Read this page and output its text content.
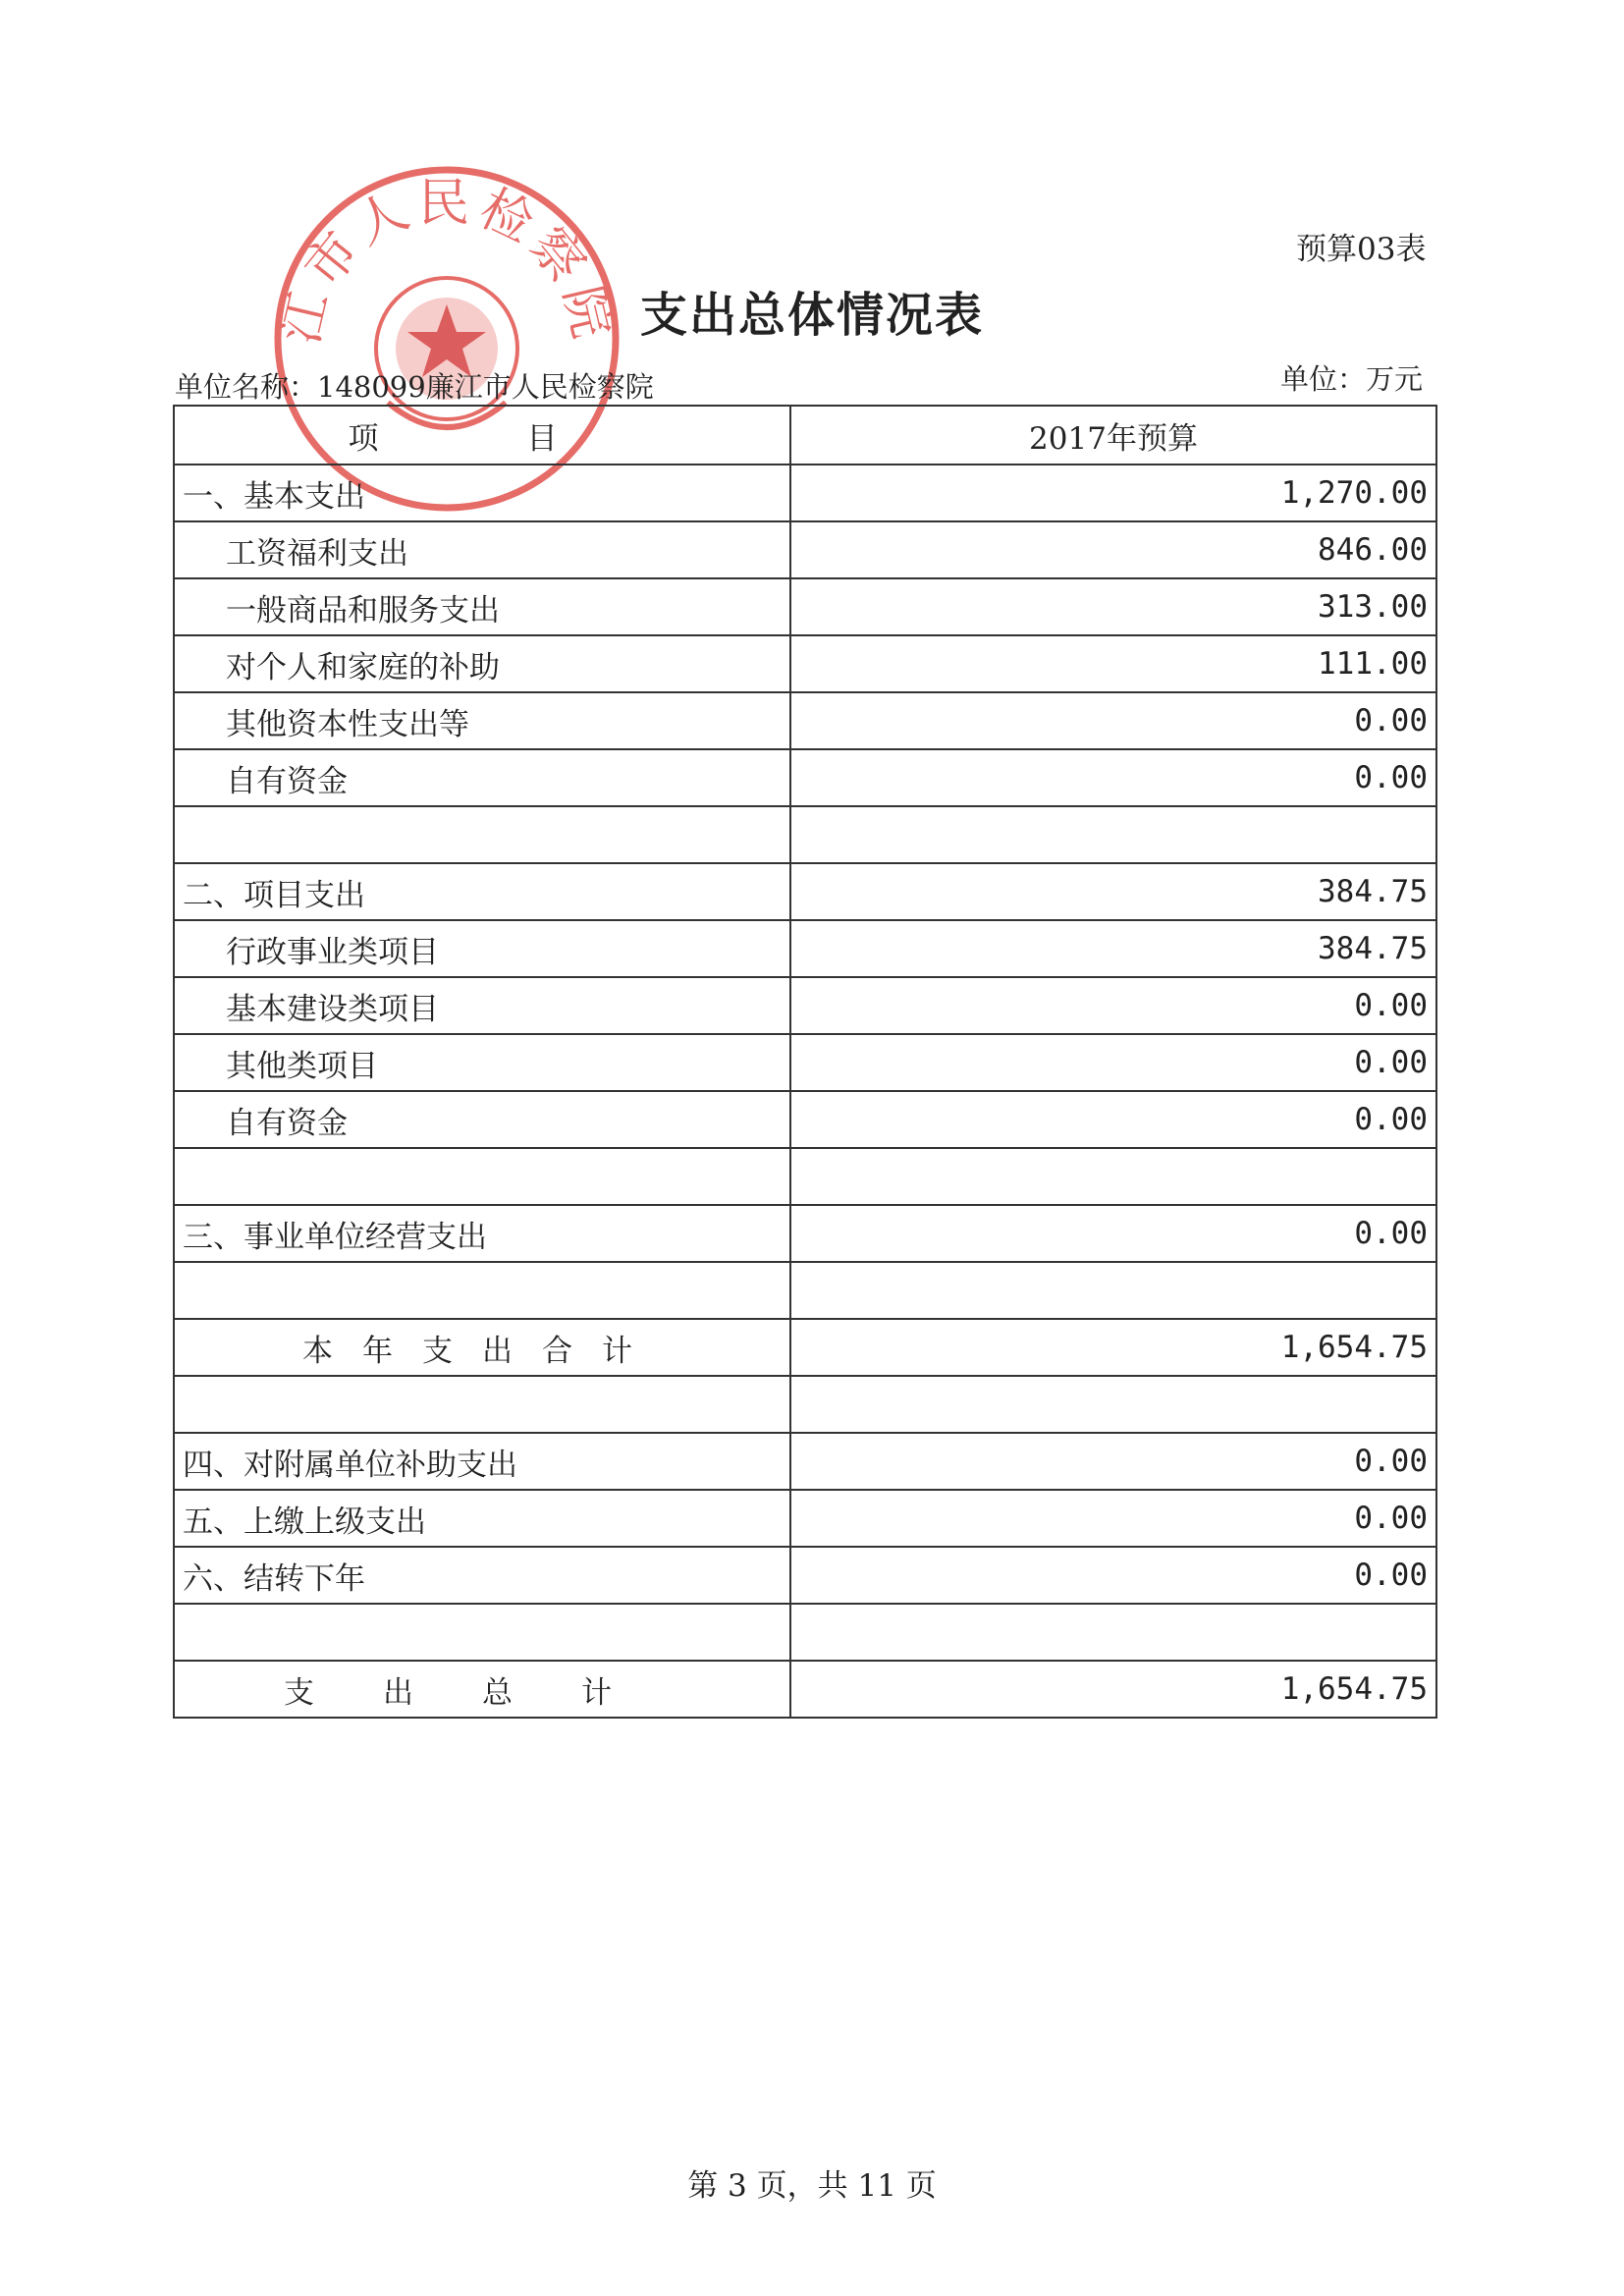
预算03表
江市人民检察院 支出总体情况表
单位名称：148099廉江市人民检察院	单位：万元
项　目	2017年预算
一、基本支出	1,270.00
工资福利支出	846.00
一般商品和服务支出	313.00
对个人和家庭的补助	111.00
其他资本性支出等	0.00
自有资金	0.00

二、项目支出	384.75
行政事业类项目	384.75
基本建设类项目	0.00
其他类项目	0.00
自有资金	0.00

三、事业单位经营支出	0.00

本年支出合计	1,654.75

四、对附属单位补助支出	0.00
五、上缴上级支出	0.00
六、结转下年	0.00

支出总计	1,654.75
第 3 页，共 11 页
